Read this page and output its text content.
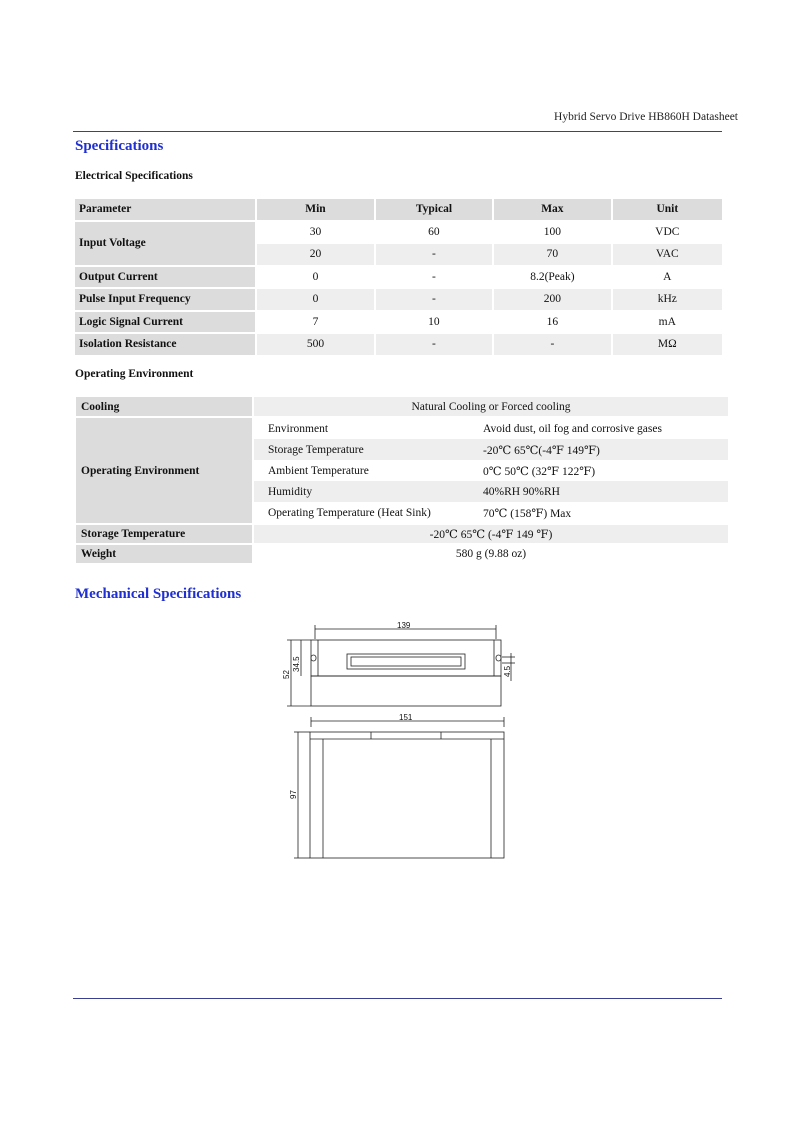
Hybrid Servo Drive HB860H Datasheet
Specifications
Electrical Specifications
Parameter	Min	Typical	Max	Unit
Input Voltage	30	60	100	VDC
	20	-	70	VAC
Output Current	0	-	8.2(Peak)	A
Pulse Input Frequency	0	-	200	kHz
Logic Signal Current	7	10	16	mA
Isolation Resistance	500	-	-	MΩ
Operating Environment
Cooling	Natural Cooling or Forced cooling
Operating Environment	
Environment	Avoid dust, oil fog and corrosive gases
Storage Temperature	-20℃ 65℃(-4℉ 149℉)
Ambient Temperature	0℃ 50℃ (32℉ 122℉)
Humidity	40%RH 90%RH
Operating Temperature (Heat Sink)	70℃ (158℉) Max

Storage Temperature	-20℃ 65℃ (-4℉ 149 ℉)
Weight	580 g (9.88 oz)
Mechanical Specifications
139
52
34.5	4.5
151
97
